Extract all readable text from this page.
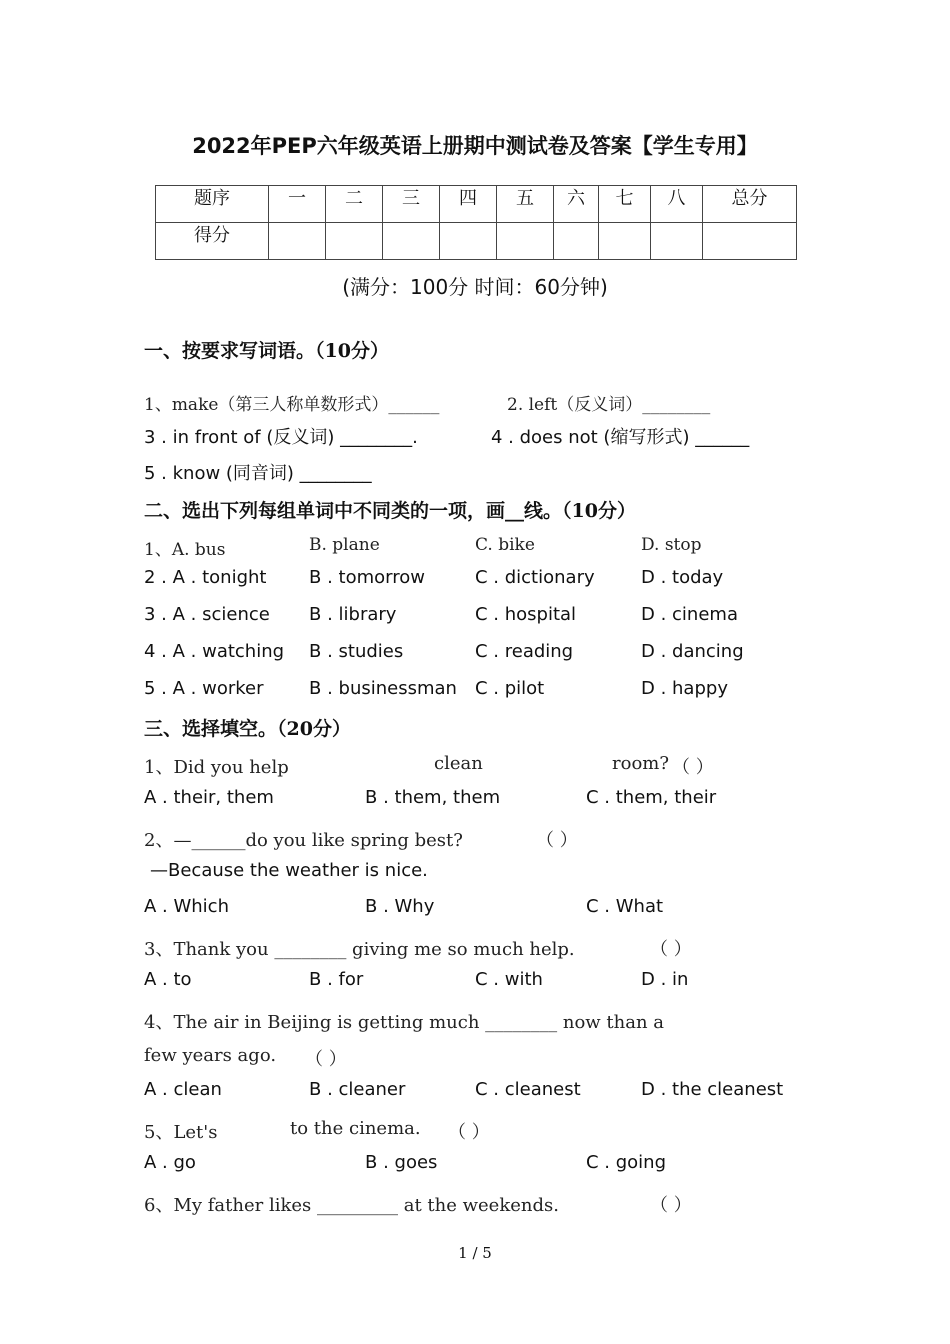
2022年PEP六年级英语上册期中测试卷及答案【学生专用】
题序	一	二	三	四	五	六	七	八	总分
得分									
(满分：100分 时间：60分钟)
一、按要求写词语。（10分）
1、make（第三人称单数形式）______	2. left（反义词）________
3 . in front of (反义词) ________.	4 . does not (缩写形式) ______
5 . know (同音词) ________
二、选出下列每组单词中不同类的一项，画__线。（10分）
1、A. bus	B. plane	C. bike	D. stop
2 . A . tonight B . tomorrow	C . dictionary	D . today
3 . A . science B . library	C . hospital	D . cinema
4 . A . watching B . studies	C . reading	D . dancing
5 . A . worker	B . businessman C . pilot	D . happy
三、选择填空。（20分）
1、Did you help	clean	room? （ ）
A . their, them	B . them, them	C . them, their
2、—______do you like spring best?	（ ）
—Because the weather is nice.
A . Which	B . Why	C . What
3、Thank you ________ giving me so much help.	（ ）
A . to	B . for	C . with	D . in
4、The air in Beijing is getting much ________ now than a
few years ago. （ ）
A . clean	B . cleaner	C . cleanest	D . the cleanest
5、Let's	to the cinema. （ ）
A . go	B . goes	C . going
6、My father likes _________ at the weekends.	（ ）
1 / 5
